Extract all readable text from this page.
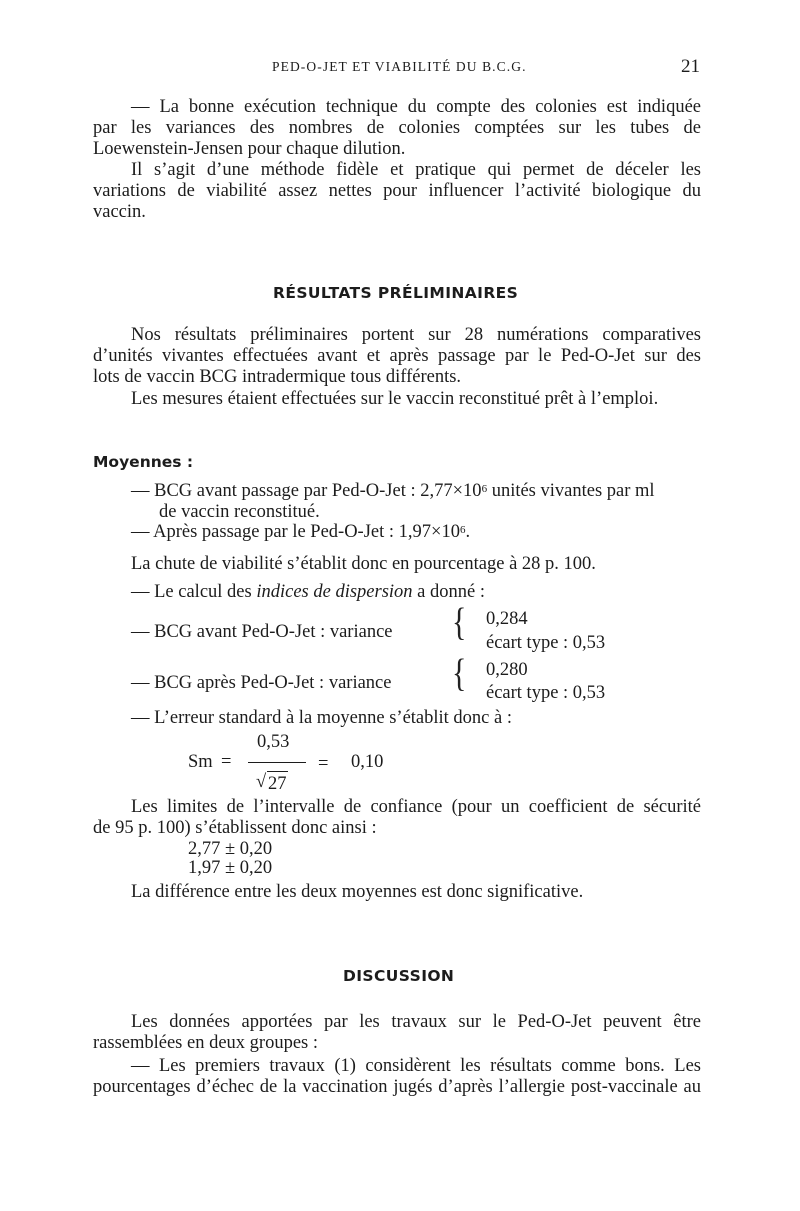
PED-O-JET ET VIABILITÉ DU B.C.G.	21
— La bonne exécution technique du compte des colonies est indiquée
par les variances des nombres de colonies comptées sur les tubes de
Loewenstein-Jensen pour chaque dilution.
Il s’agit d’une méthode fidèle et pratique qui permet de déceler les
variations de viabilité assez nettes pour influencer l’activité biologique du
vaccin.
RÉSULTATS PRÉLIMINAIRES
Nos résultats préliminaires portent sur 28 numérations comparatives
d’unités vivantes effectuées avant et après passage par le Ped-O-Jet sur des
lots de vaccin BCG intradermique tous différents.
Les mesures étaient effectuées sur le vaccin reconstitué prêt à l’emploi.
Moyennes :
— BCG avant passage par Ped-O-Jet : $2,77\times 10^6$ unités vivantes par ml
de vaccin reconstitué.
— Après passage par le Ped-O-Jet : $1,97\times 10^6$.
La chute de viabilité s’établit donc en pourcentage à 28 p. 100.
— Le calcul des indices de dispersion a donné :
— BCG avant Ped-O-Jet : variance { 0,284
écart type : 0,53
— BCG après Ped-O-Jet : variance { 0,280
écart type : 0,53
— L’erreur standard à la moyenne s’établit donc à :
Sm =
0,53
√ 27
= 0,10
Les limites de l’intervalle de confiance (pour un coefficient de sécurité
de 95 p. 100) s’établissent donc ainsi :
2,77 ± 0,20
1,97 ± 0,20
La différence entre les deux moyennes est donc significative.
DISCUSSION
Les données apportées par les travaux sur le Ped-O-Jet peuvent être
rassemblées en deux groupes :
— Les premiers travaux (1) considèrent les résultats comme bons. Les
pourcentages d’échec de la vaccination jugés d’après l’allergie post-vaccinale au
